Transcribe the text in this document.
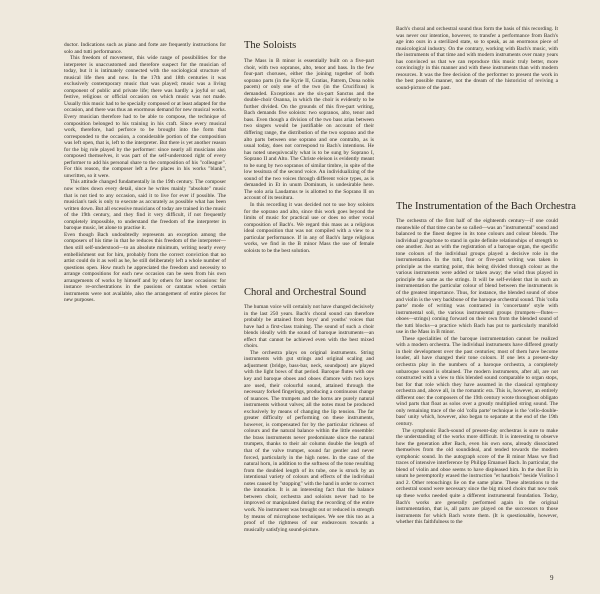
ductor. Indications such as piano and forte are frequently instructions for solo and tutti performance.

This freedom of movement, this wide range of possibilities for the interpreter is unaccustomed and therefore suspect for the musician of today, but it is intimately connected with the sociological structure of musical life then and now. In the 17th and 18th centuries it was exclusively contemporary music that was played; music was a living component of public and private life; there was hardly a joyful or sad, festive, religious or official occasion on which music was not made. Usually this music had to be specially composed or at least adapted for the occasion, and there was thus an enormous demand for new musical works. Every musician therefore had to be able to compose, the technique of composition belonged to his training in his craft. Since every musical work, therefore, had perforce to be brought into the form that corresponded to the occasion, a considerable portion of the composition was left open, that is, left to the interpreter. But there is yet another reason for the big role played by the performer: since nearly all musicians also composed themselves, it was part of the self-understood right of every performer to add his personal share to the composition of his "colleague". For this reason, the composer left a few places in his works "blank", unwritten, so it were.

This attitude changed fundamentally in the 19th century. The composer now writes down every detail, since he writes mainly "absolute" music that is not tied to any occasion, said it to live for ever if possible. The musician's task is only to execute as accurately as possible what has been written down. But all excessive musicians of today are trained in the music of the 19th century, and they find it very difficult, if not frequently completely impossible, to understand the freedom of the interpreter in baroque music, let alone to practise it.

Even though Bach undoubtedly represents an exception among the composers of his time in that he reduces this freedom of the interpreter—then still self-understood—to an absolute minimum, writing nearly every embellishment out for him, probably from the correct conviction that no artist could do it as well as he, he still deliberately left a whole number of questions open. How much he appreciated the freedom and necessity to arrange compositions for each new occasion can be seen from his own arrangements of works by himself and by others for later occasions: for instance re-orchestrations in the passions or cantatas when certain instruments were not available, also the arrangement of entire pieces for new purposes.

The Soloists

The Mass in B minor is essentially built on a five-part choir, with two sopranos, alto, tenor and bass. In the few four-part choruses, either the joining together of both soprano parts (in the Kyrie II, Gratias, Patrem, Dona nobis pacem) or only one of the two (in the Crucifixus) is demanded. Exceptions are the six-part Sanctus and the double-choir Osanna, in which the choir is evidently to be further divided. On the grounds of this five-part writing, Bach demands five soloists: two sopranos, alto, tenor and bass. Even though a division of the two bass arias between two singers would be justifiable on account of their differing range, the distribution of the two soprano and the alto parts between one soprano and one contralto, as is usual today, does not correspond to Bach's intentions. He has noted unequivocally what is to be sung by Soprano I, Soprano II and Alto. The Christe eleison is evidently meant to be sung by two sopranos of similar timbre, in spite of the low tessitura of the second voice. An individualizing of the sound of the two voices through different voice types, as is demanded in Et in unum Dominum, is undesirable here. The solo aria Laudamus te is allotted to the Soprano II on account of its tessitura.

In this recording it was decided not to use boy soloists for the soprano and alto, since this work goes beyond the limits of music for practical use or does no other vocal composition of Bach's. We regard this mass as a religious ideal composition that was not compiled with a view to a particular performance. If in any of Bach's large religious works, we find in the B minor Mass the use of female soloists to be the best solution.

Choral and Orchestral Sound

The human voice will certainly not have changed decisively in the last 250 years. Bach's choral sound can therefore probably be attained from boys' and youths' voices that have had a first-class training. The sound of such a choir blends ideally with the sound of baroque instruments—an effect that cannot be achieved even with the best mixed choirs.

The orchestra plays on original instruments. String instruments with gut strings and original scaling and adjustment (bridge, bass-bar, neck, soundpost) are played with the light bows of that period. Baroque flutes with one key and baroque oboes and oboes d'amore with two keys are used, their colourful sound, attained through the necessary forked fingerings, producing a continuous change of nuances. The trumpets and the horns are purely natural instruments without valves; all the notes must be produced exclusively by means of changing the lip tension. The far greater difficulty of performing on these instruments, however, is compensated for by the particular richness of colours and the natural balance within the little ensemble: the brass instruments never predominate since the natural trumpets, thanks to their air column double the length of that of the valve trumpet, sound far gentler and never forced, particularly in the high notes. In the case of the natural horn, in addition to the softness of the tone resulting from the doubled length of its tube, one is struck by an intentional variety of colours and effects of the individual notes caused by "stopping" with the hand in order to correct the intonation. It is an interesting fact that the balance between choir, orchestra and soloists never had to be improved or manipulated during the recording of the entire work. No instrument was brought out or reduced in strength by means of microphone techniques. We see this too as a proof of the rightness of our endeavours towards a musically satisfying sound-picture.

Bach's choral and orchestral sound thus form the basis of this recording. It was never our intention, however, to transfer a performance from Bach's age into ours in a sterilized state, so to speak, as an enormous piece of musicological industry. On the contrary, working with Bach's music, with the instruments of that time and with modern instruments over many years has convinced us that we can reproduce this music truly better, more convincingly in this manner and with these instruments than with modern resources. It was the free decision of the performer to present the work in the best possible manner, not the dream of the historicist of reviving a sound-picture of the past.

The Instrumentation of the Bach Orchestra

The orchestra of the first half of the eighteenth century—if one could meanwhile of that time can be so called—was an "instrumental" sound and balanced to the finest degree in its tone colours and colour blends. The individual group/tone to stand in quite definite relationships of strength to one another. Just as with the registration of a baroque organ, the specific tone colours of the individual groups played a decisive role in the instrumentation. In the tutti, four or five-part writing was taken in principle as the starting point, this being divided through colour as the various instruments were added or taken away; the wind thus played in principle the same as the strings. It will be self-evident that in such an instrumentation the particular colour of blend between the instruments is of the greatest importance. Thus, for instance, the blended sound of oboe and violin is the very backbone of the baroque orchestral sound. This 'colla parte' mode of writing was contrasted in 'concertante' style with instrumental soli, the various instrumental groups (trumpets—flutes—oboes—strings) coming forward on their own from the blended sound of the tutti blocks—a practice which Bach has put to particularly manifold use in the Mass in B minor.

These specialities of the baroque instrumentation cannot be realized with a modern orchestra. The individual instruments have differed greatly in their development over the past centuries; most of them have become louder, all have changed their tone colours. If one lets a present-day orchestra play in the numbers of a baroque orchestra, a completely unbaroque sound is obtained. The modern instruments, after all, are not constructed with a view to this blended sound comparable to organ stops, but for that role which they have assumed in the classical symphony orchestra and, above all, in the romantic era. This is, however, an entirely different one: the composers of the 19th century wrote throughout obligato wind parts that float as solos over a greatly multiplied string sound. The only remaining trace of the old 'colla parte' technique is the 'cello-double-bass' unity which, however, also began to separate at the end of the 19th century.

The symphonic Bach-sound of present-day orchestras is sure to make the understanding of the works more difficult. It is interesting to observe how the generation after Bach, even his own sons, already dissociated themselves from the old soundideal, and tended towards the modern symphonic sound. In the autograph score of the B minor Mass we find traces of intensive interference by Philipp Emanuel Bach. In particular, the blend of violin and oboe seems to have displeased him. In the duet Et in unum he peremptorily erased the instruction "et hautbois" beside Violino I and 2. Other retouchings lie on the same plane. These alterations to the orchestral sound were necessary since the big mixed choirs that now took up these works needed quite a different instrumental foundation. Today, Bach's works are generally performed again in the original instrumentation, that is, all parts are played on the successors to those instruments for which Bach wrote them. (It is questionable, however, whether this faithfulness to the

9
